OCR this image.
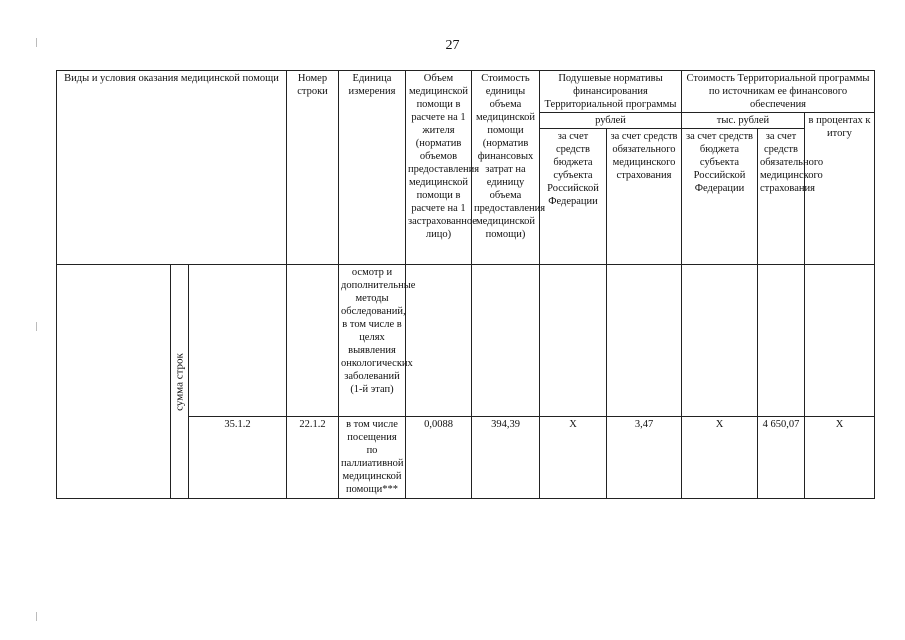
27
Виды и условия оказания медицинской помощи			Номер строки	Единица измерения	Объем медицинской помощи в расчете на 1 жителя (норматив объемов предоставления медицинской помощи в расчете на 1 застрахованное лицо)	Стоимость единицы объема медицинской помощи (норматив финансовых затрат на единицу объема предоставления медицинской помощи)	Подушевые нормативы финансирования Территориальной программы		Стоимость Территориальной программы по источникам ее финансового обеспечения		
							рублей		тыс. рублей		в процентах к итогу
							за счет средств бюджета субъекта Российской Федерации	за счет средств обязательного медицинского страхования	за счет средств бюджета субъекта Российской Федерации	за счет средств обязательного медицинского страхования	

	сумма строк			осмотр и дополнительные методы обследований, в том числе в целях выявления онкологических заболеваний (1-й этап)							
		35.1.2	22.1.2	в том числе посещения по паллиативной медицинской помощи***	0,0088	394,39	Х	3,47	Х	4 650,07	Х
